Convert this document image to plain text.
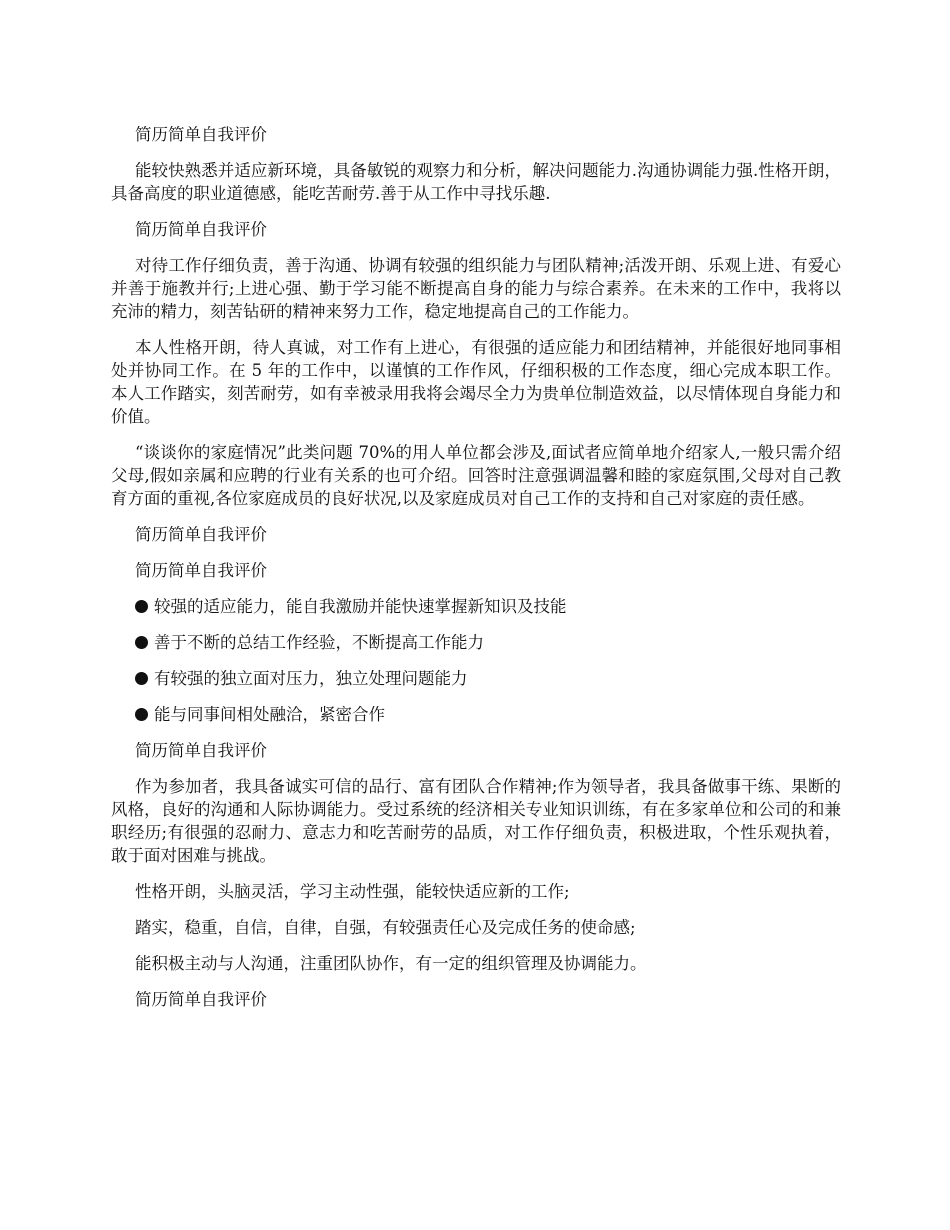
简历简单自我评价
能较快熟悉并适应新环境，具备敏锐的观察力和分析，解决问题能力.沟通协调能力强.性格开朗，具备高度的职业道德感，能吃苦耐劳.善于从工作中寻找乐趣.
简历简单自我评价
对待工作仔细负责，善于沟通、协调有较强的组织能力与团队精神;活泼开朗、乐观上进、有爱心并善于施教并行;上进心强、勤于学习能不断提高自身的能力与综合素养。在未来的工作中，我将以充沛的精力，刻苦钻研的精神来努力工作，稳定地提高自己的工作能力。
本人性格开朗，待人真诚，对工作有上进心，有很强的适应能力和团结精神，并能很好地同事相处并协同工作。在 5 年的工作中，以谨慎的工作作风，仔细积极的工作态度，细心完成本职工作。本人工作踏实，刻苦耐劳，如有幸被录用我将会竭尽全力为贵单位制造效益，以尽情体现自身能力和价值。
“谈谈你的家庭情况”此类问题 70%的用人单位都会涉及,面试者应简单地介绍家人,一般只需介绍父母,假如亲属和应聘的行业有关系的也可介绍。回答时注意强调温馨和睦的家庭氛围,父母对自己教育方面的重视,各位家庭成员的良好状况,以及家庭成员对自己工作的支持和自己对家庭的责任感。
简历简单自我评价
简历简单自我评价
较强的适应能力，能自我激励并能快速掌握新知识及技能
善于不断的总结工作经验，不断提高工作能力
有较强的独立面对压力，独立处理问题能力
能与同事间相处融洽，紧密合作
简历简单自我评价
作为参加者，我具备诚实可信的品行、富有团队合作精神;作为领导者，我具备做事干练、果断的风格，良好的沟通和人际协调能力。受过系统的经济相关专业知识训练，有在多家单位和公司的和兼职经历;有很强的忍耐力、意志力和吃苦耐劳的品质，对工作仔细负责，积极进取，个性乐观执着，敢于面对困难与挑战。
性格开朗，头脑灵活，学习主动性强，能较快适应新的工作;
踏实，稳重，自信，自律，自强，有较强责任心及完成任务的使命感;
能积极主动与人沟通，注重团队协作，有一定的组织管理及协调能力。
简历简单自我评价
